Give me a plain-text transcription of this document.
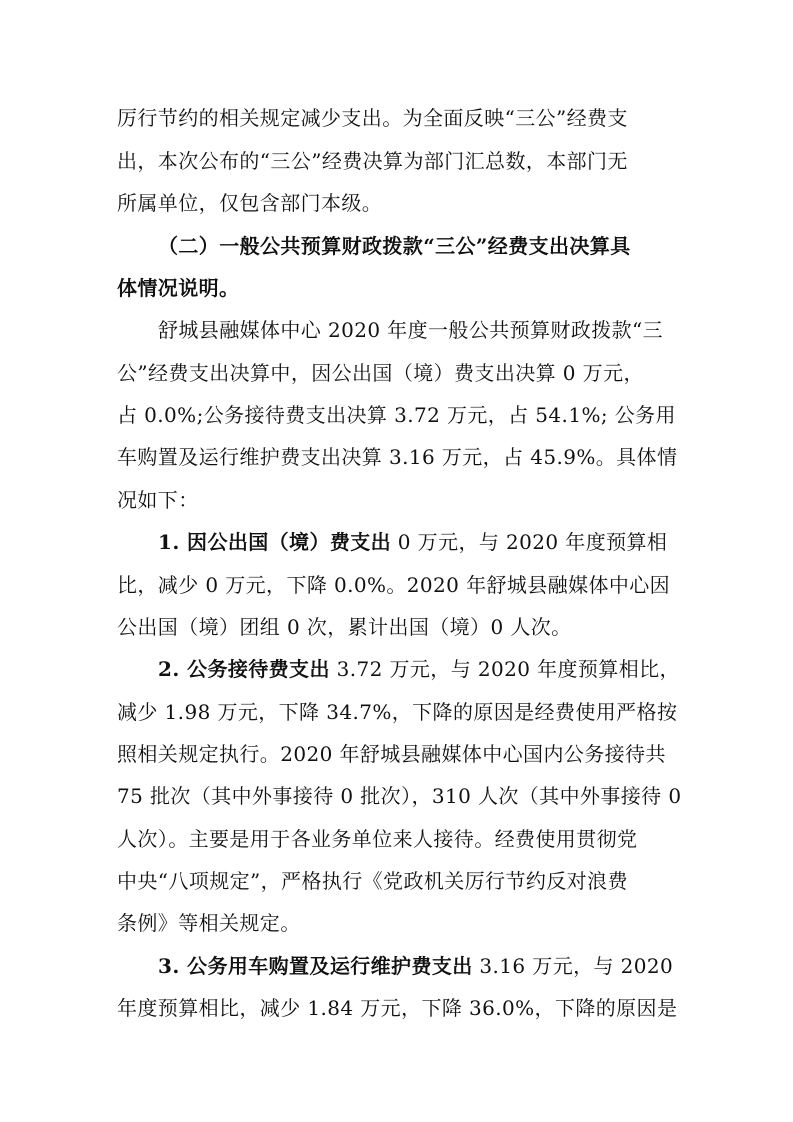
厉行节约的相关规定减少支出。为全面反映“三公”经费支
出，本次公布的“三公”经费决算为部门汇总数，本部门无
所属单位，仅包含部门本级。
（二）一般公共预算财政拨款“三公”经费支出决算具
体情况说明。
舒城县融媒体中心 2020 年度一般公共预算财政拨款“三
公”经费支出决算中，因公出国（境）费支出决算 0 万元，
占 0.0%;公务接待费支出决算 3.72 万元，占 54.1%; 公务用
车购置及运行维护费支出决算 3.16 万元，占 45.9%。具体情
况如下：
1. 因公出国（境）费支出 0 万元，与 2020 年度预算相
比，减少 0 万元，下降 0.0%。2020 年舒城县融媒体中心因
公出国（境）团组 0 次，累计出国（境）0 人次。
2. 公务接待费支出 3.72 万元，与 2020 年度预算相比，
减少 1.98 万元，下降 34.7%，下降的原因是经费使用严格按
照相关规定执行。2020 年舒城县融媒体中心国内公务接待共
75 批次（其中外事接待 0 批次），310 人次（其中外事接待 0
人次）。主要是用于各业务单位来人接待。经费使用贯彻党
中央“八项规定”，严格执行《党政机关厉行节约反对浪费
条例》等相关规定。
3. 公务用车购置及运行维护费支出 3.16 万元，与 2020
年度预算相比，减少 1.84 万元，下降 36.0%，下降的原因是
